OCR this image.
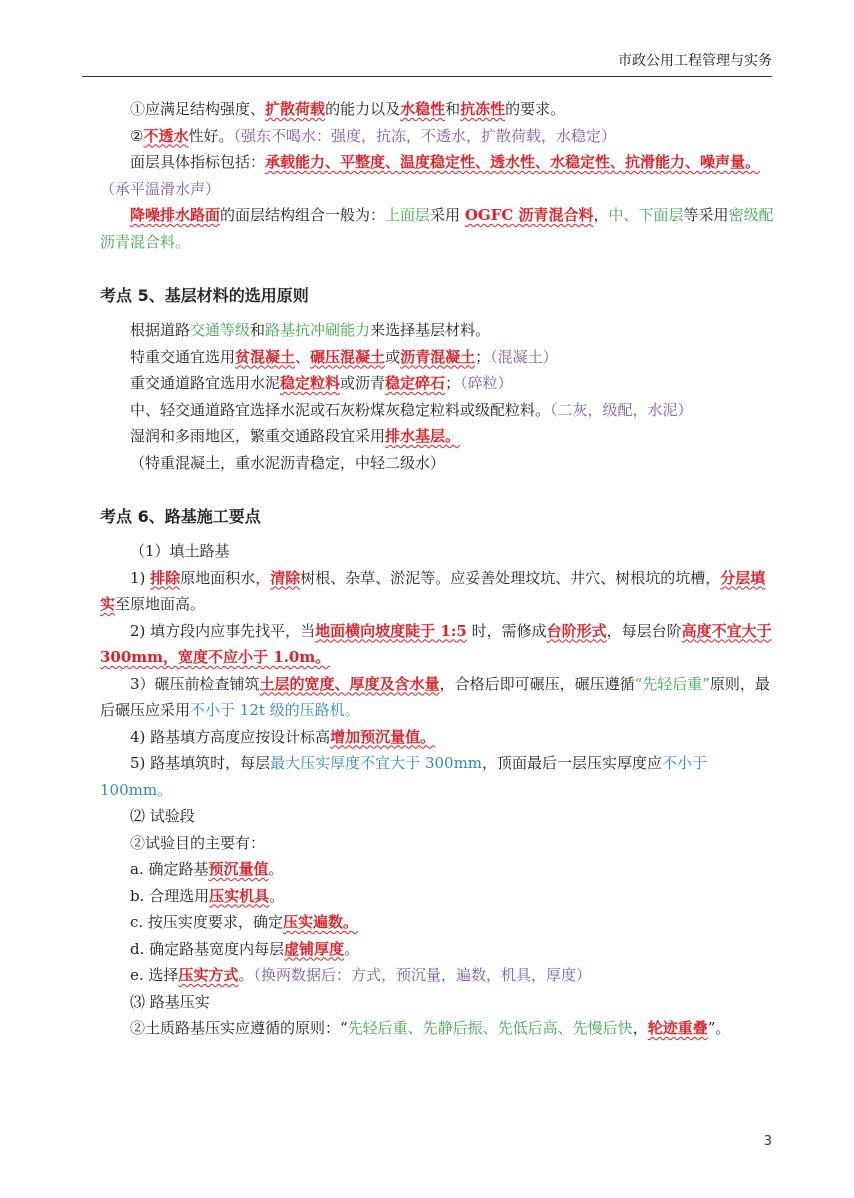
市政公用工程管理与实务

①应满足结构强度、扩散荷载的能力以及水稳性和抗冻性的要求。

②不透水性好。（强东不喝水：强度，抗冻，不透水，扩散荷载，水稳定）

面层具体指标包括：承载能力、平整度、温度稳定性、透水性、水稳定性、抗滑能力、噪声量。（承平温滑水声）

降噪排水路面的面层结构组合一般为：上面层采用 OGFC 沥青混合料，中、下面层等采用密级配沥青混合料。

考点 5、基层材料的选用原则

根据道路交通等级和路基抗冲刷能力来选择基层材料。

特重交通宜选用贫混凝土、碾压混凝土或沥青混凝土；（混凝土）

重交通道路宜选用水泥稳定粒料或沥青稳定碎石；（碎粒）

中、轻交通道路宜选择水泥或石灰粉煤灰稳定粒料或级配粒料。（二灰，级配，水泥）

湿润和多雨地区，繁重交通路段宜采用排水基层。

（特重混凝土，重水泥沥青稳定，中轻二级水）

考点 6、路基施工要点

（1）填土路基

1) 排除原地面积水，清除树根、杂草、淤泥等。应妥善处理坟坑、井穴、树根坑的坑槽，分层填实至原地面高。

2) 填方段内应事先找平，当地面横向坡度陡于 1:5 时，需修成台阶形式，每层台阶高度不宜大于 300mm，宽度不应小于 1.0m。

3）碾压前检查铺筑土层的宽度、厚度及含水量，合格后即可碾压，碾压遵循“先轻后重”原则，最后碾压应采用不小于 12t 级的压路机。

4) 路基填方高度应按设计标高增加预沉量值。

5) 路基填筑时，每层最大压实厚度不宜大于 300mm，顶面最后一层压实厚度应不小于 100mm。

⑵ 试验段

②试验目的主要有：

a. 确定路基预沉量值。

b. 合理选用压实机具。

c. 按压实度要求，确定压实遍数。

d. 确定路基宽度内每层虚铺厚度。

e. 选择压实方式。（换两数据后：方式，预沉量，遍数，机具，厚度）

⑶ 路基压实

②土质路基压实应遵循的原则：“先轻后重、先静后振、先低后高、先慢后快，轮迹重叠”。

3
